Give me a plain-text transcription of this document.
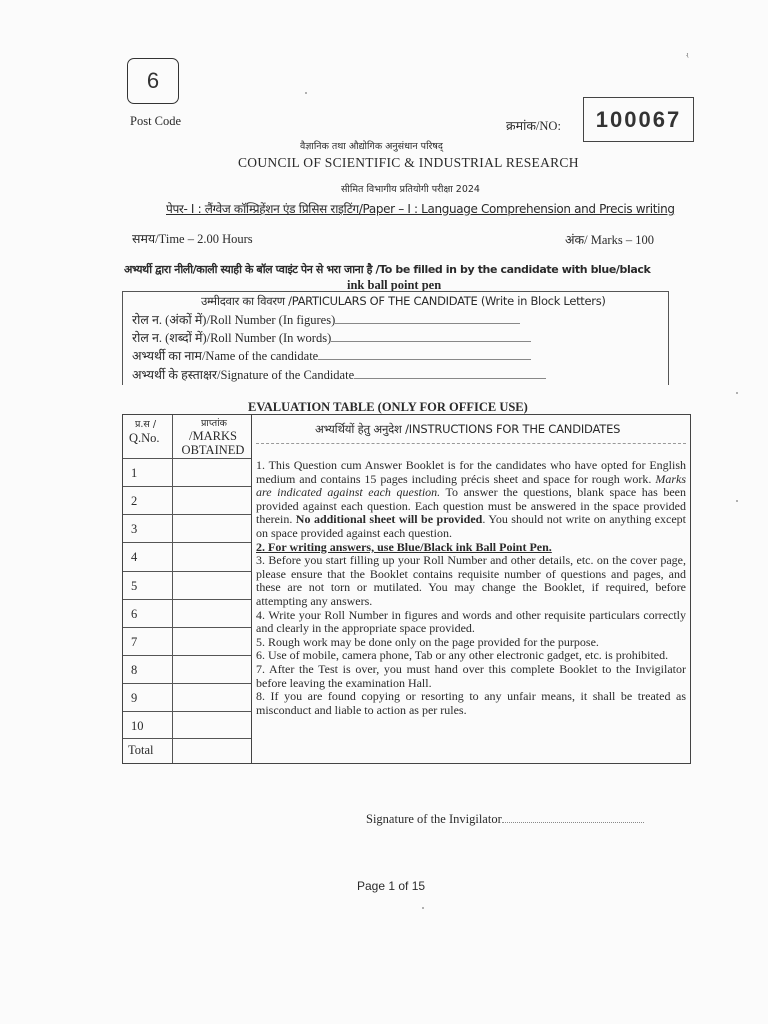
6
Post Code
ʵ
क्रमांक/NO: 100067
वैज्ञानिक तथा औद्योगिक अनुसंधान परिषद्
COUNCIL OF SCIENTIFIC & INDUSTRIAL RESEARCH
सीमित विभागीय प्रतियोगी परीक्षा 2024
पेपर- I : लैंग्वेज कॉम्प्रिहेंशन एंड प्रिसिस राइटिंग/Paper – I : Language Comprehension and Precis writing
समय/Time – 2.00 Hours	अंक/ Marks – 100
अभ्यर्थी द्वारा नीली/काली स्याही के बॉल प्वाइंट पेन से भरा जाना है /To be filled in by the candidate with blue/black
ink ball point pen
उम्मीदवार का विवरण /PARTICULARS OF THE CANDIDATE (Write in Block Letters)
रोल न. (अंकों में)/Roll Number (In figures)
रोल न. (शब्दों में)/Roll Number (In words)
अभ्यर्थी का नाम/Name of the candidate
अभ्यर्थी के हस्ताक्षर/Signature of the Candidate
EVALUATION TABLE (ONLY FOR OFFICE USE)
प्र.स /
Q.No.
प्राप्तांक
/MARKS OBTAINED
1
2
3
4
5
6
7
8
9
10
Total
अभ्यर्थियों हेतु अनुदेश /INSTRUCTIONS FOR THE CANDIDATES

1. This Question cum Answer Booklet is for the candidates who have opted for English medium and contains 15 pages including précis sheet and space for rough work. Marks are indicated against each question. To answer the questions, blank space has been provided against each question. Each question must be answered in the space provided therein. No additional sheet will be provided. You should not write on anything except on space provided against each question.

2. For writing answers, use Blue/Black ink Ball Point Pen.

3. Before you start filling up your Roll Number and other details, etc. on the cover page, please ensure that the Booklet contains requisite number of questions and pages, and these are not torn or mutilated. You may change the Booklet, if required, before attempting any answers.

4. Write your Roll Number in figures and words and other requisite particulars correctly and clearly in the appropriate space provided.

5. Rough work may be done only on the page provided for the purpose.

6. Use of mobile, camera phone, Tab or any other electronic gadget, etc. is prohibited.

7. After the Test is over, you must hand over this complete Booklet to the Invigilator before leaving the examination Hall.

8. If you are found copying or resorting to any unfair means, it shall be treated as misconduct and liable to action as per rules.

Signature of the Invigilator
Page 1 of 15
